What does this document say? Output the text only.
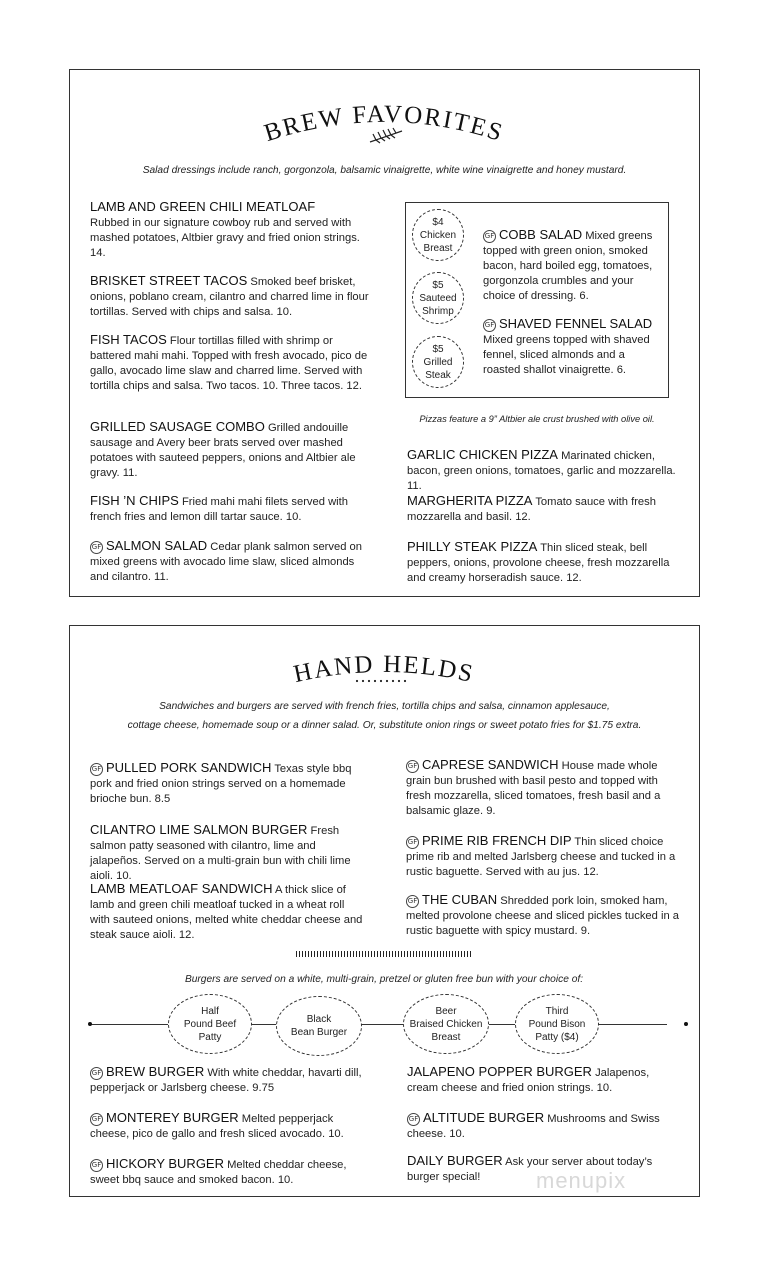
BREW FAVORITES
Salad dressings include ranch, gorgonzola, balsamic vinaigrette, white wine vinaigrette and honey mustard.
LAMB AND GREEN CHILI MEATLOAF
Rubbed in our signature cowboy rub and served with mashed potatoes, Altbier gravy and fried onion strings. 14.
BRISKET STREET TACOS Smoked beef brisket, onions, poblano cream, cilantro and charred lime in flour tortillas. Served with chips and salsa. 10.
FISH TACOS Flour tortillas filled with shrimp or battered mahi mahi. Topped with fresh avocado, pico de gallo, avocado lime slaw and charred lime. Served with tortilla chips and salsa. Two tacos. 10. Three tacos. 12.
GRILLED SAUSAGE COMBO Grilled andouille sausage and Avery beer brats served over mashed potatoes with sauteed peppers, onions and Altbier ale gravy. 11.
FISH ’N CHIPS Fried mahi mahi filets served with french fries and lemon dill tartar sauce. 10.
GF SALMON SALAD Cedar plank salmon served on mixed greens with avocado lime slaw, sliced almonds and cilantro. 11.
$4
Chicken
Breast
$5
Sauteed
Shrimp
$5
Grilled
Steak
GF COBB SALAD Mixed greens topped with green onion, smoked bacon, hard boiled egg, tomatoes, gorgonzola crumbles and your choice of dressing. 6.
GF SHAVED FENNEL SALAD Mixed greens topped with shaved fennel, sliced almonds and a roasted shallot vinaigrette. 6.
Pizzas feature a 9” Altbier ale crust brushed with olive oil.
GARLIC CHICKEN PIZZA Marinated chicken, bacon, green onions, tomatoes, garlic and mozzarella. 11.
MARGHERITA PIZZA Tomato sauce with fresh mozzarella and basil. 12.
PHILLY STEAK PIZZA Thin sliced steak, bell peppers, onions, provolone cheese, fresh mozzarella and creamy horseradish sauce. 12.
HAND HELDS
Sandwiches and burgers are served with french fries, tortilla chips and salsa, cinnamon applesauce,
cottage cheese, homemade soup or a dinner salad. Or, substitute onion rings or sweet potato fries for $1.75 extra.
GF PULLED PORK SANDWICH Texas style bbq pork and fried onion strings served on a homemade brioche bun. 8.5
CILANTRO LIME SALMON BURGER Fresh salmon patty seasoned with cilantro, lime and jalapeños. Served on a multi-grain bun with chili lime aioli. 10.
LAMB MEATLOAF SANDWICH A thick slice of lamb and green chili meatloaf tucked in a wheat roll with sauteed onions, melted white cheddar cheese and steak sauce aioli. 12.
GF CAPRESE SANDWICH House made whole grain bun brushed with basil pesto and topped with fresh mozzarella, sliced tomatoes, fresh basil and a balsamic glaze. 9.
GF PRIME RIB FRENCH DIP Thin sliced choice prime rib and melted Jarlsberg cheese and tucked in a rustic baguette. Served with au jus. 12.
GF THE CUBAN Shredded pork loin, smoked ham, melted provolone cheese and sliced pickles tucked in a rustic baguette with spicy mustard. 9.
Burgers are served on a white, multi-grain, pretzel or gluten free bun with your choice of:
Half
Pound Beef
Patty
Black
Bean Burger
Beer
Braised Chicken
Breast
Third
Pound Bison
Patty ($4)
GF BREW BURGER With white cheddar, havarti dill, pepperjack or Jarlsberg cheese. 9.75
GF MONTEREY BURGER Melted pepperjack cheese, pico de gallo and fresh sliced avocado. 10.
GF HICKORY BURGER Melted cheddar cheese, sweet bbq sauce and smoked bacon. 10.
JALAPENO POPPER BURGER Jalapenos, cream cheese and fried onion strings. 10.
GF ALTITUDE BURGER Mushrooms and Swiss cheese. 10.
DAILY BURGER Ask your server about today’s burger special!	menupix
